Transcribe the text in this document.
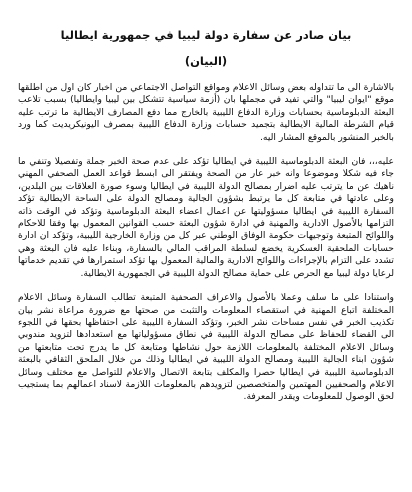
بيان صادر عن سفارة دولة ليبيا في جمهورية ايطاليا
(البيان)

بالاشارة الى ما تتداوله بعض وسائل الاعلام ومواقع التواصل الاجتماعي من اخبار كان اول من اطلقها موقع "ايوان ليبيا" والتي تفيد في مجملها بان (أزمة سياسية تتشكل بين ليبيا وايطاليا) بسبب تلاعب البعثة الدبلوماسية بحسابات وزارة الدفاع الليبية بالخارج مما دفع المصارف الايطالية ما ترتب عليه قيام الشرطة المالية الايطالية بتجميد حسابات وزارة الدفاع الليبية بمصرف اليونيكريديت كما ورد بالخبر المنشور بالموقع المشار اليه.

عليه،،، فان البعثة الدبلوماسية الليبية في ايطاليا تؤكد على عدم صحة الخبر جملة وتفصيلا وتنفي ما جاء فيه شكلا وموضوعا وانه خبر عار من الصحة ويفتقر الى ابسط قواعد العمل الصحفي المهني ناهيك عن ما يترتب عليه اضرار بمصالح الدولة الليبية في ايطاليا وسوء صورة العلاقات بين البلدين، وعلى عادتها في متابعة كل ما يرتبط بشؤون الجالية ومصالح الدولة على الساحة الايطالية تؤكد السفارة الليبية في ايطاليا مسؤوليتها عن اعمال اعضاء البعثة الدبلوماسية وتؤكد في الوقت ذاته التزامها بالأصول الادارية والمهنية في ادارة شؤون البعثة حسب القوانين المعمول بها وفقا للاحكام واللوائح المتبعة وتوجيهات حكومة الوفاق الوطني عبر كل من وزارة الخارجية الليبية، وتؤكد ان ادارة حسابات الملحقية العسكرية يخضع لسلطة المراقب المالي بالسفارة، وبناءا عليه فان البعثة وهي تشدد على التزام بالإجراءات واللوائح الادارية والمالية المعمول بها تؤكد استمرارها في تقديم خدماتها لرعايا دولة ليبيا مع الحرص على حماية مصالح الدولة الليبية في الجمهورية الايطالية.

واستنادا على ما سلف وعملا بالأصول والاعراف الصحفية المتبعة تطالب السفارة وسائل الاعلام المختلفة اتباع المهنية في استقصاء المعلومات والتثبت من صحتها مع ضرورة مراعاة نشر بيان تكذيب الخبر في نفس مساحات نشر الخبر، وتؤكد السفارة الليبية على احتفاظها بحقها في اللجوء الى القضاء للحفاظ على مصالح الدولة الليبية في نطاق مسؤولياتها مع استعدادها لتزويد مندوبي وسائل الاعلام المختلفة بالمعلومات اللازمة حول نشاطها ومتابعة كل ما يدرج تحت متابعتها من شؤون ابناء الجالية الليبية ومصالح الدولة الليبية في ايطاليا وذلك من خلال الملحق الثقافي بالبعثة الدبلوماسية الليبية في ايطاليا حصرا والمكلف بتابعة الاتصال والاعلام للتواصل مع مختلف وسائل الاعلام والصحفيين المهتمين والمتخصصين لتزويدهم بالمعلومات اللازمة لاسناد اعمالهم بما يستجيب لحق الوصول للمعلومات ويقدر المعرفة.
